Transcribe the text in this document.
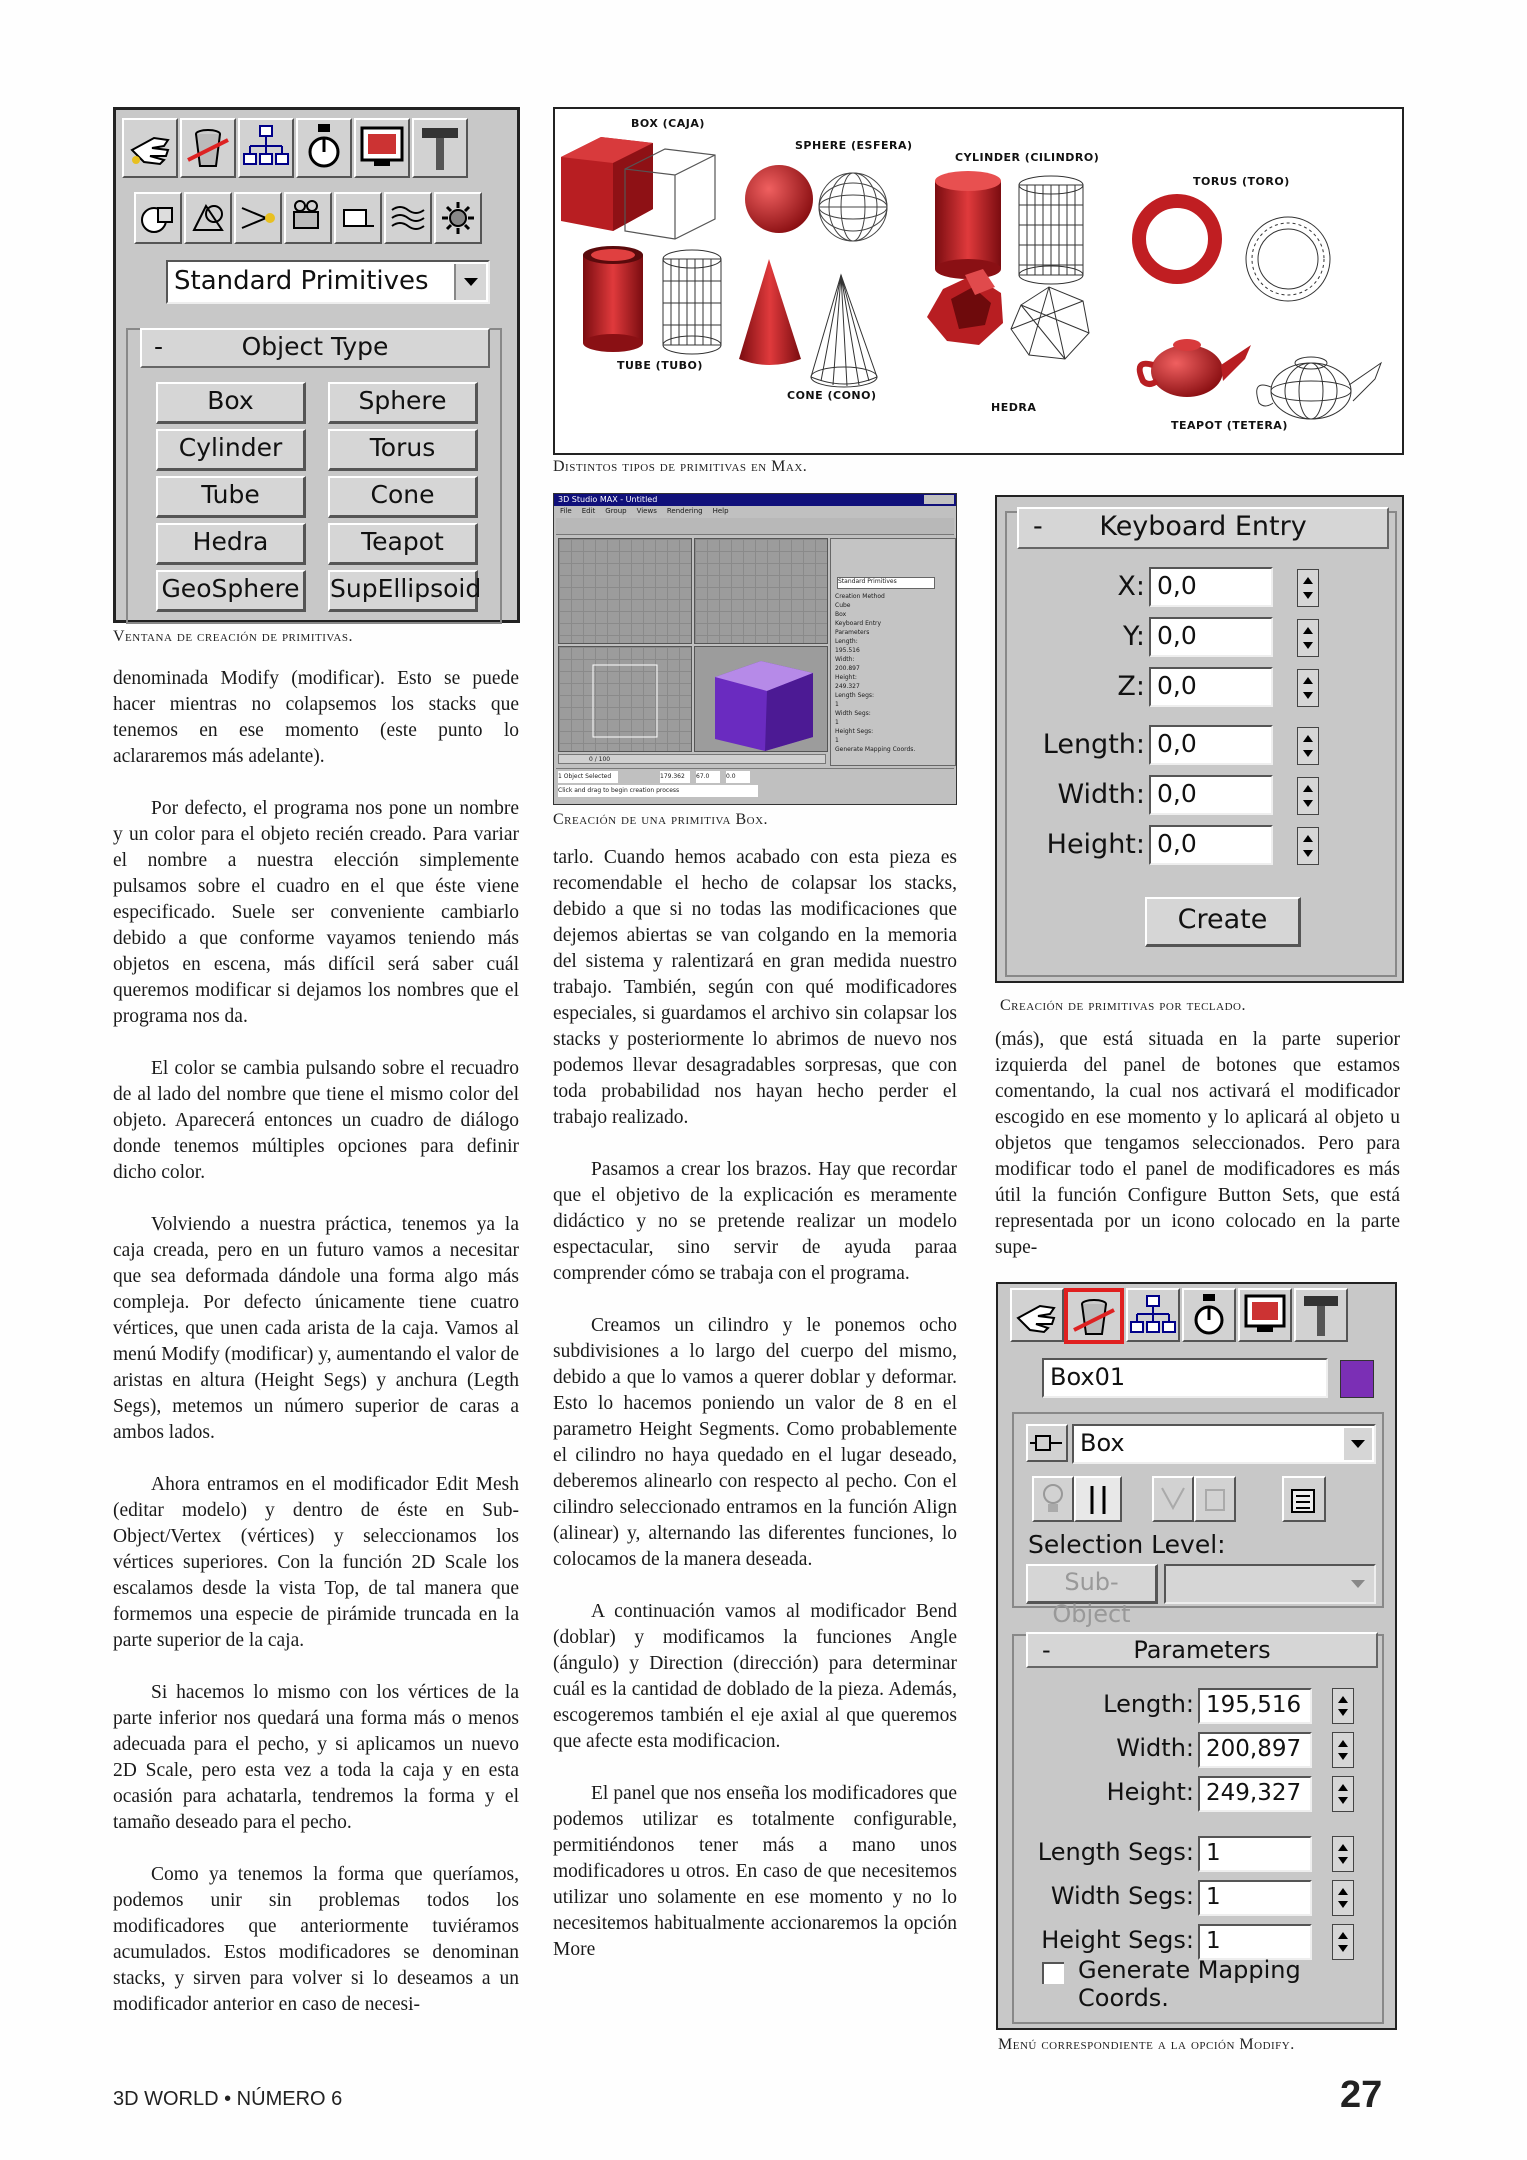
Standard Primitives
-	Object Type
Box	Sphere
Cylinder	Torus
Tube	Cone
Hedra	Teapot
GeoSphere SupEllipsoid
Ventana de creación de primitivas.
BOX (CAJA)
SPHERE (ESFERA)
CYLINDER (CILINDRO)
TORUS (TORO)
TUBE (TUBO)
CONE (CONO)
HEDRA
TEAPOT (TETERA)
Distintos tipos de primitivas en Max.
3D Studio MAX - Untitled
File Edit Group Views Rendering Help
0 / 100
1 Object Selected	179.362	67.0	0.0
Click and drag to begin creation process
Standard Primitives
Creation Method
Cube
Box
Keyboard Entry
Parameters
Length:
195.516
Width:
200.897
Height:
249.327
Length Segs:
1
Width Segs:
1
Height Segs:
1
Generate Mapping Coords.
Creación de una primitiva Box.
- Keyboard Entry
X: 0,0
Y: 0,0
Z: 0,0
Length: 0,0
Width: 0,0
Height: 0,0
Create
Creación de primitivas por teclado.
Box01
Box
Selection Level:
Sub-Object
-	Parameters
Length: 195,516
Width: 200,897
Height: 249,327
Length Segs: 1
Width Segs: 1
Height Segs: 1
Generate Mapping Coords.
Menú correspondiente a la opción Modify.

denominada Modify (modificar). Esto se puede hacer mientras no colapsemos los stacks que tenemos en ese momento (este punto lo aclararemos más adelante).

Por defecto, el programa nos pone un nombre y un color para el objeto recién creado. Para variar el nombre a nuestra elección simplemente pulsamos sobre el cuadro en el que éste viene especificado. Suele ser conveniente cambiarlo debido a que conforme vayamos teniendo más objetos en escena, más difícil será saber cuál queremos modificar si dejamos los nombres que el programa nos da.

El color se cambia pulsando sobre el recuadro de al lado del nombre que tiene el mismo color del objeto. Aparecerá entonces un cuadro de diálogo donde tenemos múltiples opciones para definir dicho color.

Volviendo a nuestra práctica, tenemos ya la caja creada, pero en un futuro vamos a necesitar que sea deformada dándole una forma algo más compleja. Por defecto únicamente tiene cuatro vértices, que unen cada arista de la caja. Vamos al menú Modify (modificar) y, aumentando el valor de aristas en altura (Height Segs) y anchura (Legth Segs), metemos un número superior de caras a ambos lados.

Ahora entramos en el modificador Edit Mesh (editar modelo) y dentro de éste en Sub-Object/Vertex (vértices) y seleccionamos los vértices superiores. Con la función 2D Scale los escalamos desde la vista Top, de tal manera que formemos una especie de pirámide truncada en la parte superior de la caja.

Si hacemos lo mismo con los vértices de la parte inferior nos quedará una forma más o menos adecuada para el pecho, y si aplicamos un nuevo 2D Scale, pero esta vez a toda la caja y en esta ocasión para achatarla, tendremos la forma y el tamaño deseado para el pecho.

Como ya tenemos la forma que queríamos, podemos unir sin problemas todos los modificadores que anteriormente tuviéramos acumulados. Estos modificadores se denominan stacks, y sirven para volver si lo deseamos a un modificador anterior en caso de necesi-

tarlo. Cuando hemos acabado con esta pieza es recomendable el hecho de colapsar los stacks, debido a que si no todas las modificaciones que dejemos abiertas se van colgando en la memoria del sistema y ralentizará en gran medida nuestro trabajo. También, según con qué modificadores especiales, si guardamos el archivo sin colapsar los stacks y posteriormente lo abrimos de nuevo nos podemos llevar desagradables sorpresas, que con toda probabilidad nos hayan hecho perder el trabajo realizado.

Pasamos a crear los brazos. Hay que recordar que el objetivo de la explicación es meramente didáctico y no se pretende realizar un modelo espectacular, sino servir de ayuda paraa comprender cómo se trabaja con el programa.

Creamos un cilindro y le ponemos ocho subdivisiones a lo largo del cuerpo del mismo, debido a que lo vamos a querer doblar y deformar. Esto lo hacemos poniendo un valor de 8 en el parametro Height Segments. Como probablemente el cilindro no haya quedado en el lugar deseado, deberemos alinearlo con respecto al pecho. Con el cilindro seleccionado entramos en la función Align (alinear) y, alternando las diferentes funciones, lo colocamos de la manera deseada.

A continuación vamos al modificador Bend (doblar) y modificamos la funciones Angle (ángulo) y Direction (dirección) para determinar cuál es la cantidad de doblado de la pieza. Además, escogeremos también el eje axial al que queremos que afecte esta modificacion.

El panel que nos enseña los modificadores que podemos utilizar es totalmente configurable, permitiéndonos tener más a mano unos modificadores u otros. En caso de que necesitemos utilizar uno solamente en ese momento y no lo necesitemos habitualmente accionaremos la opción More

(más), que está situada en la parte superior izquierda del panel de botones que estamos comentando, la cual nos activará el modificador escogido en ese momento y lo aplicará al objeto u objetos que tengamos seleccionados. Pero para modificar todo el panel de modificadores es más útil la función Configure Button Sets, que está representada por un icono colocado en la parte supe-

3D WORLD • NÚMERO 6	27
